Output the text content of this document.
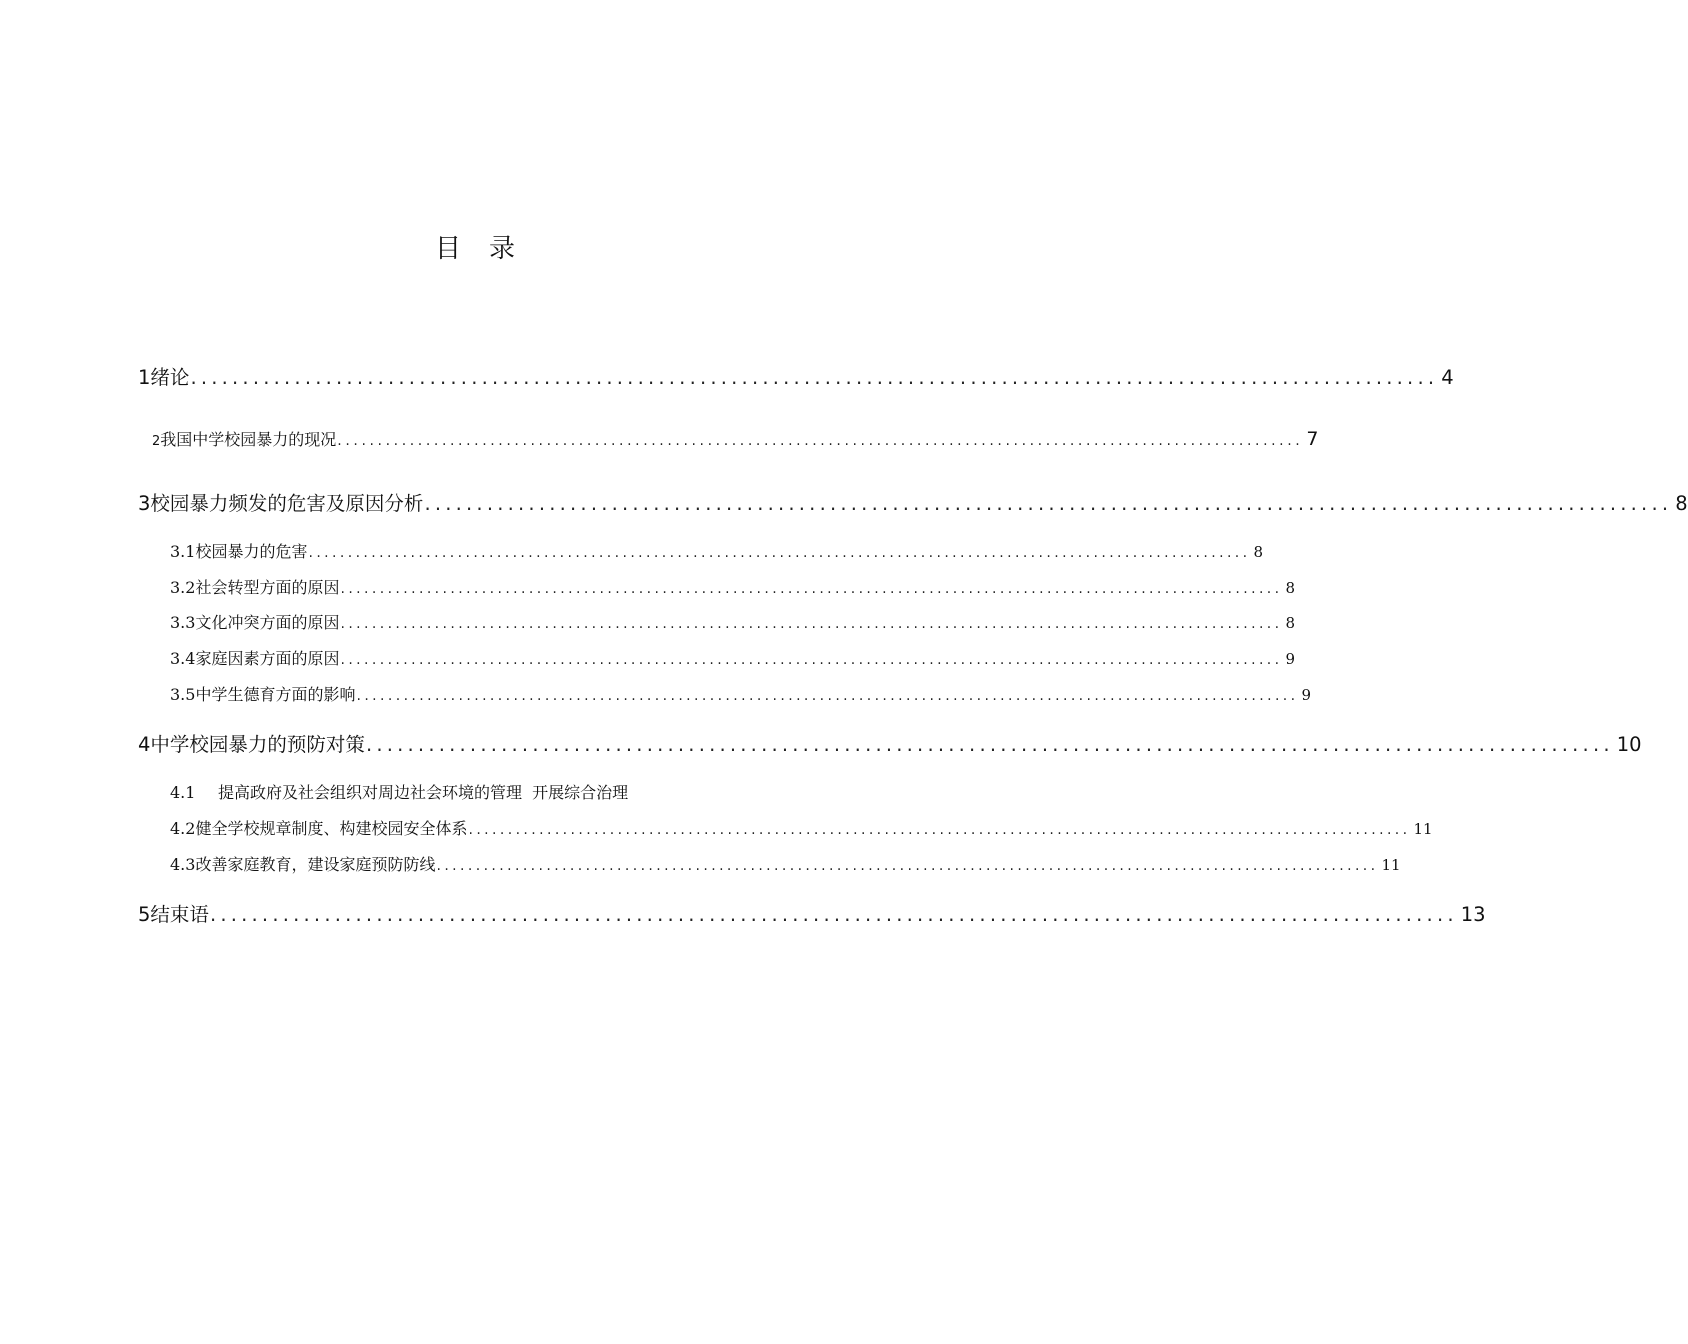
目 录
1 绪论 ........................................................................................................................ 4
2 我国中学校园暴力的现况 ........................................................................................................................ 7
3 校园暴力频发的危害及原因分析 ........................................................................................................................ 8
3.1 校园暴力的危害 ........................................................................................................................ 8
3.2 社会转型方面的原因 ........................................................................................................................ 8
3.3 文化冲突方面的原因 ........................................................................................................................ 8
3.4 家庭因素方面的原因 ........................................................................................................................ 9
3.5 中学生德育方面的影响 ........................................................................................................................ 9
4 中学校园暴力的预防对策 ........................................................................................................................ 10
4.1	提高政府及社会组织对周边社会环境的管理  开展综合治理
4.2 健全学校规章制度、构建校园安全体系 ........................................................................................................................ 11
4.3 改善家庭教育，建设家庭预防防线 ........................................................................................................................ 11
5 结束语 ........................................................................................................................ 13
